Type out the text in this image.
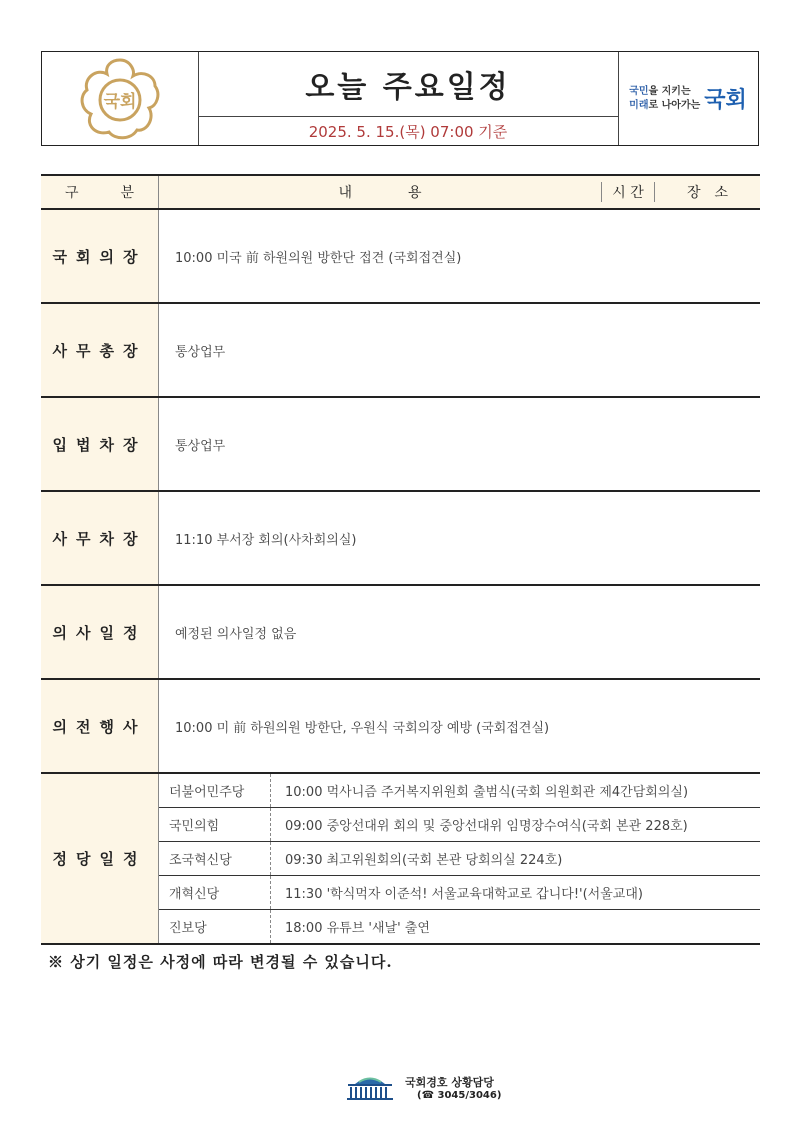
국회	오늘 주요일정
2025. 5. 15.(목) 07:00 기준
국민을 지키는
미래로 나아가는 국회
구　　　분	내　　　　용 시 간 장　소	

국회의장	10:00 미국 前 하원의원 방한단 접견 (국회접견실)	
사무총장	통상업무	
입법차장	통상업무	
사무차장	11:10 부서장 회의(사차회의실)	
의사일정	예정된 의사일정 없음	
의전행사	10:00 미 前 하원의원 방한단, 우원식 국회의장 예방 (국회접견실)	
정당일정	더불어민주당	10:00 먹사니즘 주거복지위원회 출범식(국회 의원회관 제4간담회의실)
	국민의힘	09:00 중앙선대위 회의 및 중앙선대위 임명장수여식(국회 본관 228호)
	조국혁신당	09:30 최고위원회의(국회 본관 당회의실 224호)
	개혁신당	11:30 '학식먹자 이준석! 서울교육대학교로 갑니다!'(서울교대)
	진보당	18:00 유튜브 '새날' 출연
※ 상기 일정은 사정에 따라 변경될 수 있습니다.
국회경호 상황담당
(☎ 3045/3046)
